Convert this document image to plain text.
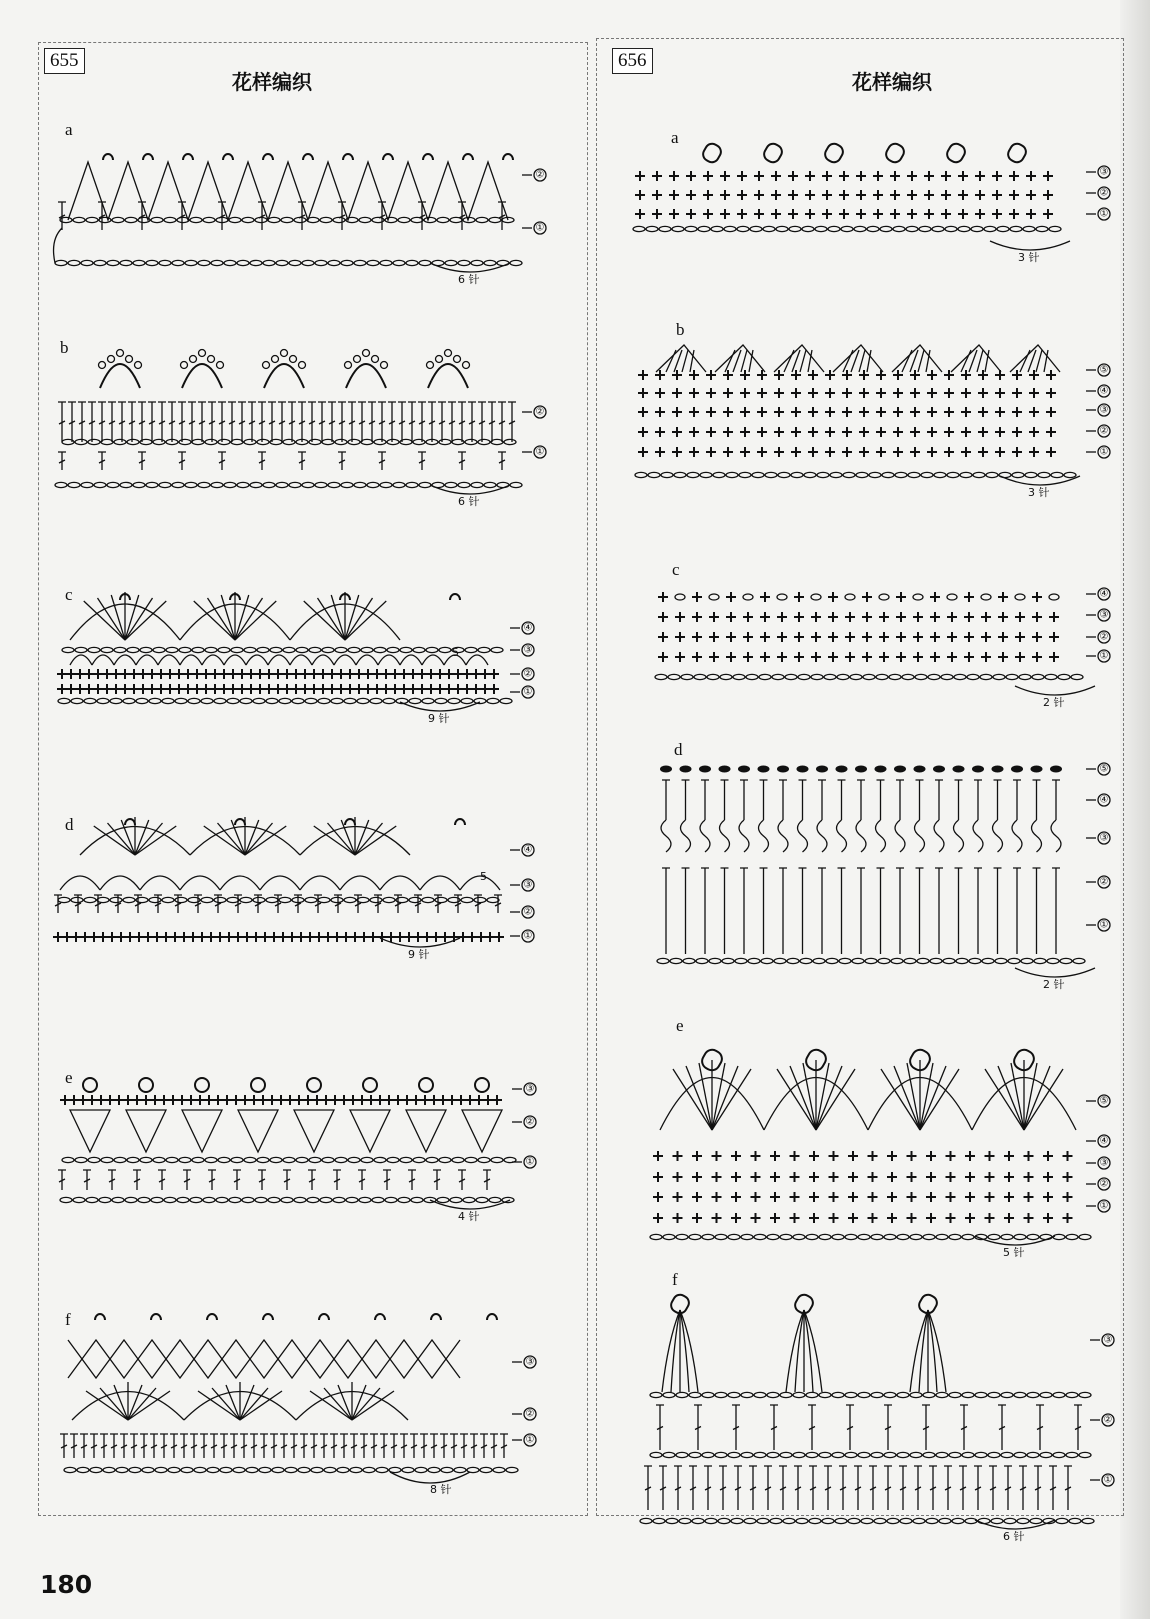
655
花样编织
656
花样编织
a
b
c
d
e
f
a
b
c
d
e
f
180
②
①
6 针
②
①
6 针
④
③
②
①
5
9 针
④
③
②
①
5
9 针
③
②
①
4 针
③
②
①
8 针
③
②
①
3 针
⑤
④
③
②
①
3 针
④
③
②
①
2 针
⑤
④
③
②
①
2 针
⑤
④
③
②
①
5 针
③
②
①
6 针
